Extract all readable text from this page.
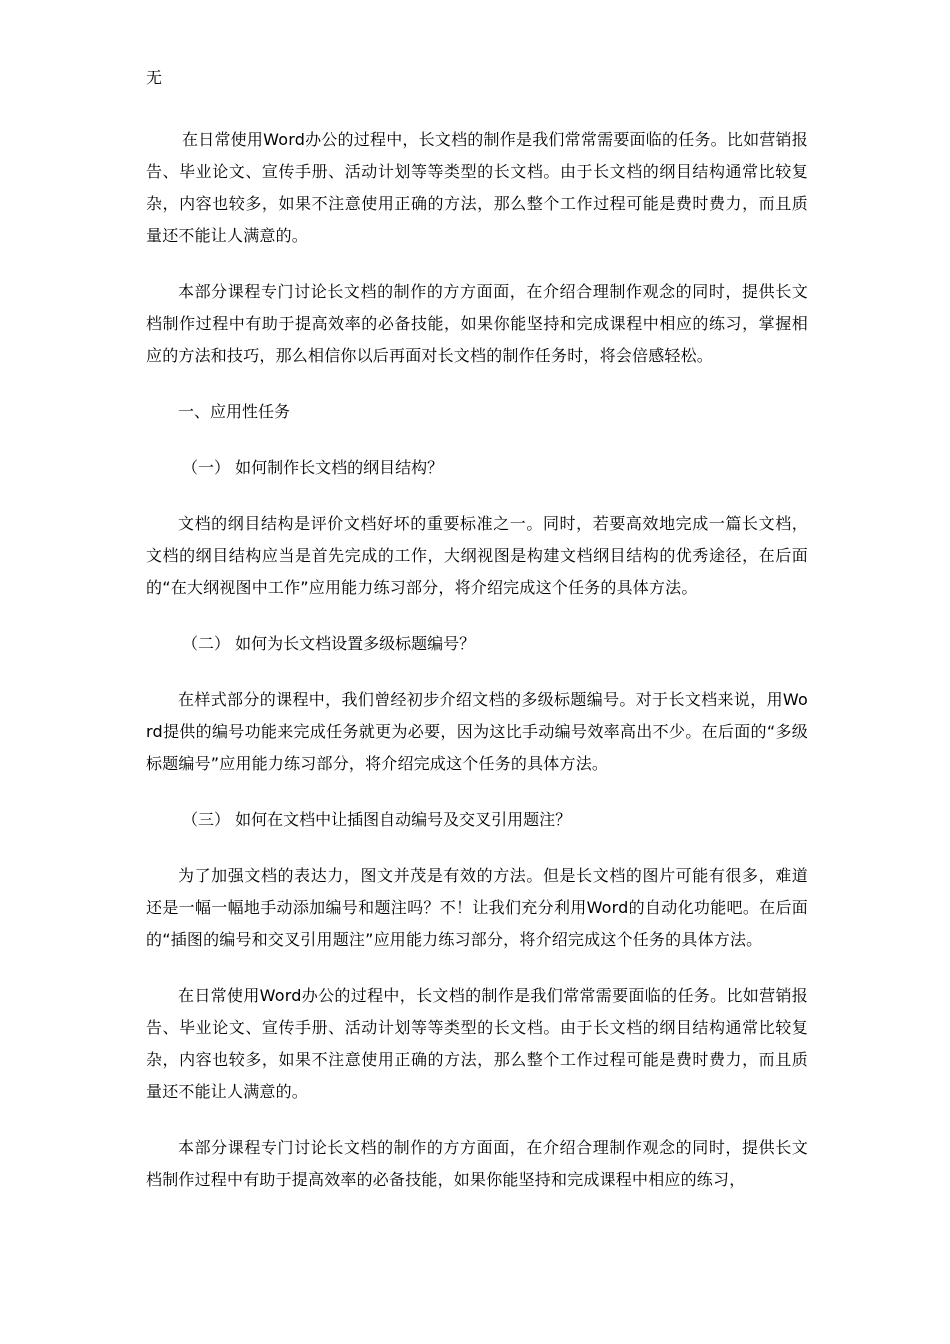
无

在日常使用Word办公的过程中，长文档的制作是我们常常需要面临的任务。比如营销报告、毕业论文、宣传手册、活动计划等等类型的长文档。由于长文档的纲目结构通常比较复杂，内容也较多，如果不注意使用正确的方法，那么整个工作过程可能是费时费力，而且质量还不能让人满意的。

本部分课程专门讨论长文档的制作的方方面面，在介绍合理制作观念的同时，提供长文档制作过程中有助于提高效率的必备技能，如果你能坚持和完成课程中相应的练习，掌握相应的方法和技巧，那么相信你以后再面对长文档的制作任务时，将会倍感轻松。

一、应用性任务

（一） 如何制作长文档的纲目结构？

文档的纲目结构是评价文档好坏的重要标准之一。同时，若要高效地完成一篇长文档，文档的纲目结构应当是首先完成的工作，大纲视图是构建文档纲目结构的优秀途径，在后面的“在大纲视图中工作”应用能力练习部分，将介绍完成这个任务的具体方法。

（二） 如何为长文档设置多级标题编号？

在样式部分的课程中，我们曾经初步介绍文档的多级标题编号。对于长文档来说，用Word提供的编号功能来完成任务就更为必要，因为这比手动编号效率高出不少。在后面的“多级标题编号”应用能力练习部分，将介绍完成这个任务的具体方法。

（三） 如何在文档中让插图自动编号及交叉引用题注？

为了加强文档的表达力，图文并茂是有效的方法。但是长文档的图片可能有很多，难道还是一幅一幅地手动添加编号和题注吗？不！让我们充分利用Word的自动化功能吧。在后面的“插图的编号和交叉引用题注”应用能力练习部分，将介绍完成这个任务的具体方法。

在日常使用Word办公的过程中，长文档的制作是我们常常需要面临的任务。比如营销报告、毕业论文、宣传手册、活动计划等等类型的长文档。由于长文档的纲目结构通常比较复杂，内容也较多，如果不注意使用正确的方法，那么整个工作过程可能是费时费力，而且质量还不能让人满意的。

本部分课程专门讨论长文档的制作的方方面面，在介绍合理制作观念的同时，提供长文档制作过程中有助于提高效率的必备技能，如果你能坚持和完成课程中相应的练习，
